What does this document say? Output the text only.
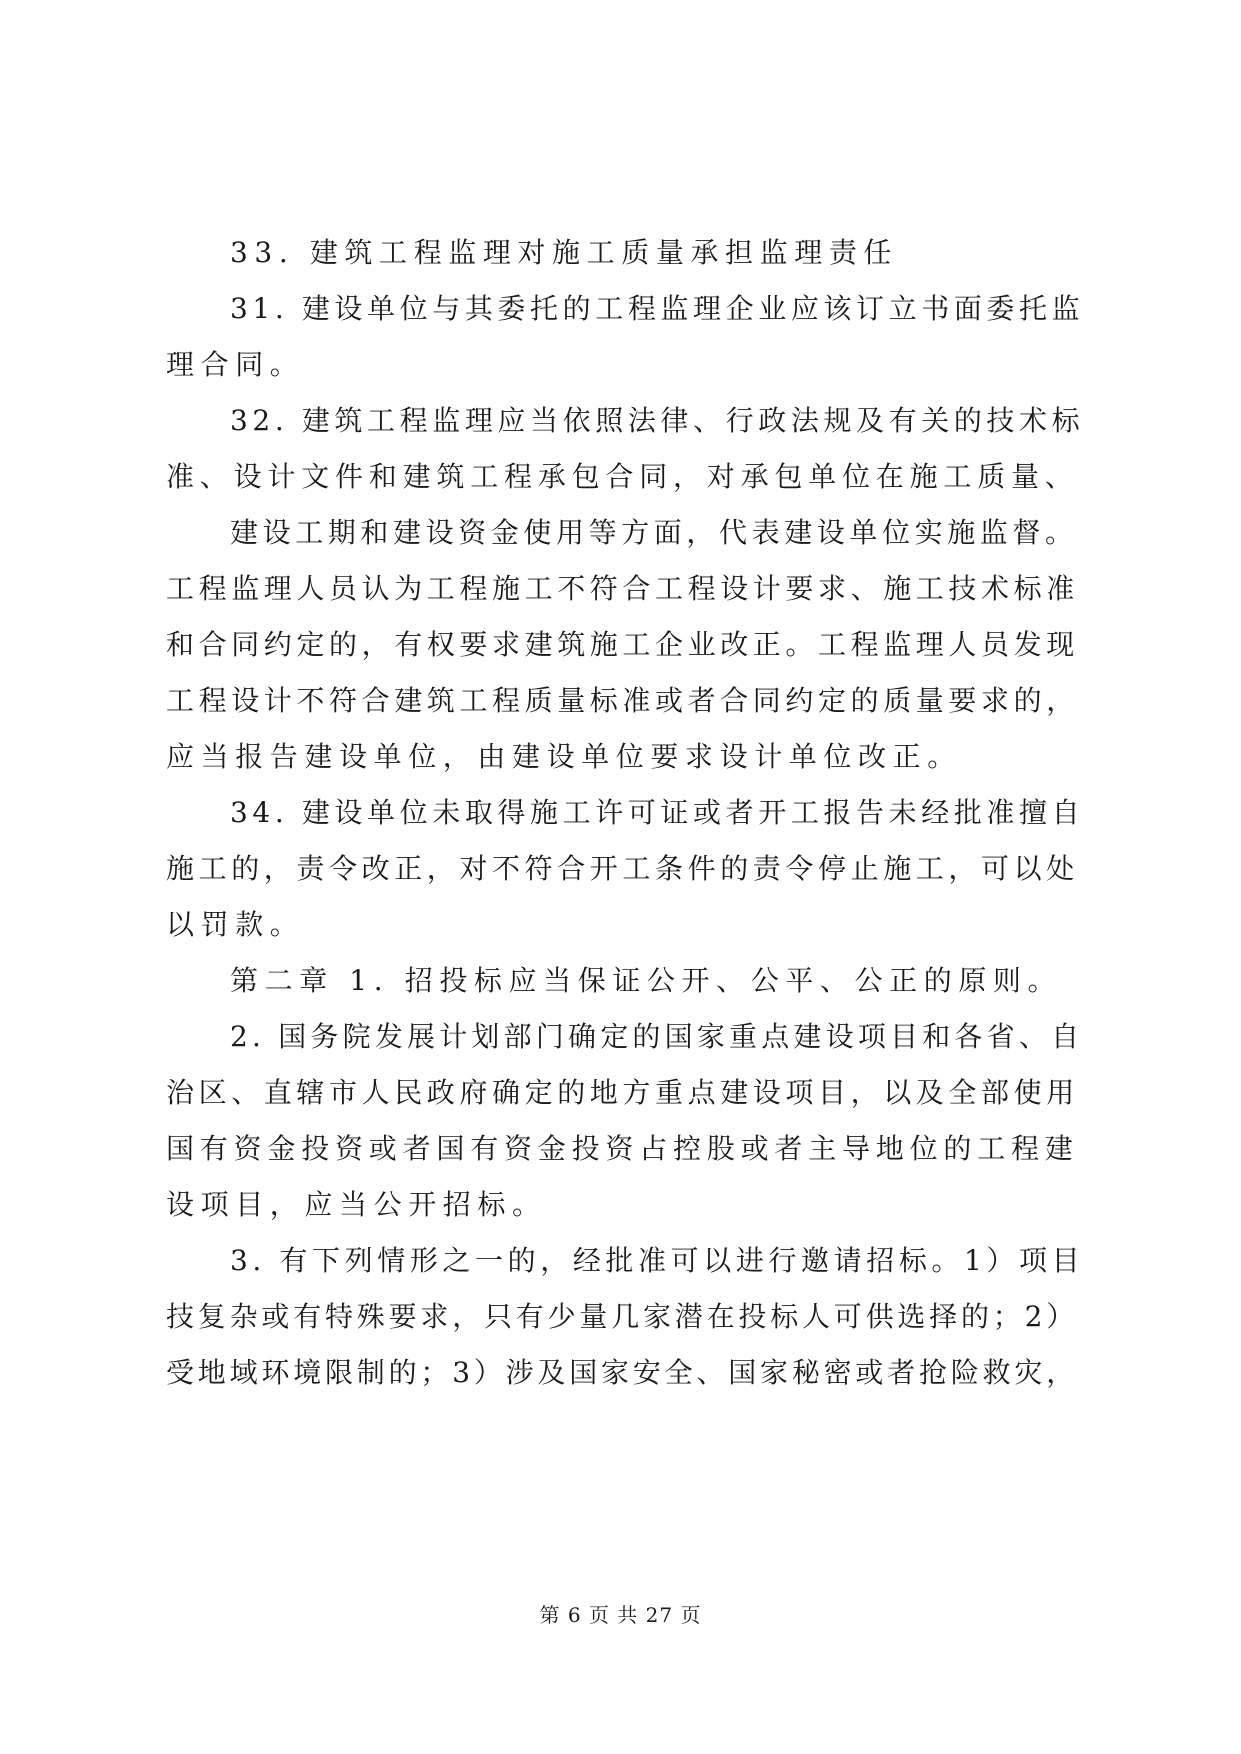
33. 建筑工程监理对施工质量承担监理责任

31. 建设单位与其委托的工程监理企业应该订立书面委托监

理合同。

32. 建筑工程监理应当依照法律、行政法规及有关的技术标

准、设计文件和建筑工程承包合同，对承包单位在施工质量、

建设工期和建设资金使用等方面，代表建设单位实施监督。

工程监理人员认为工程施工不符合工程设计要求、施工技术标准

和合同约定的，有权要求建筑施工企业改正。工程监理人员发现

工程设计不符合建筑工程质量标准或者合同约定的质量要求的，

应当报告建设单位，由建设单位要求设计单位改正。

34. 建设单位未取得施工许可证或者开工报告未经批准擅自

施工的，责令改正，对不符合开工条件的责令停止施工，可以处

以罚款。

第二章 1. 招投标应当保证公开、公平、公正的原则。

2. 国务院发展计划部门确定的国家重点建设项目和各省、自

治区、直辖市人民政府确定的地方重点建设项目，以及全部使用

国有资金投资或者国有资金投资占控股或者主导地位的工程建

设项目，应当公开招标。

3. 有下列情形之一的，经批准可以进行邀请招标。1）项目

技复杂或有特殊要求，只有少量几家潜在投标人可供选择的；2）

受地域环境限制的；3）涉及国家安全、国家秘密或者抢险救灾，

第 6 页 共 27 页
